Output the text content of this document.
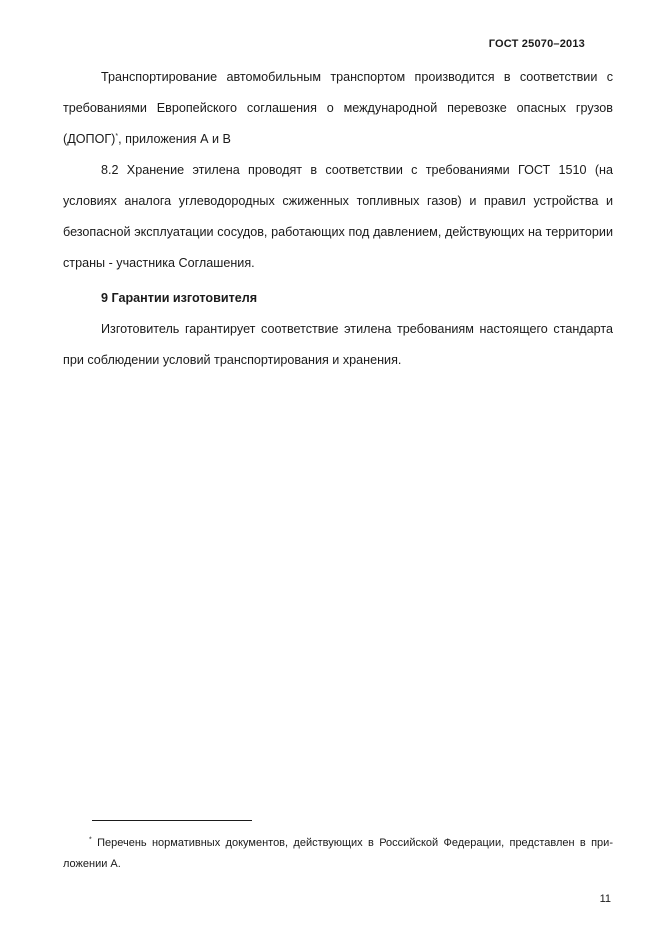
ГОСТ 25070–2013

Транспортирование автомобильным транспортом производится в соответствии с требованиями Европейского соглашения о международной перевозке опасных грузов (ДОПОГ)*, приложения А и В

8.2 Хранение этилена проводят в соответствии с требованиями ГОСТ 1510 (на условиях аналога углеводородных сжиженных топливных газов) и правил устройства и безопасной эксплуатации сосудов, работающих под давлением, действующих на территории страны - участника Соглашения.

9 Гарантии изготовителя

Изготовитель гарантирует соответствие этилена требованиям настоящего стандарта при соблюдении условий транспортирования и хранения.

* Перечень нормативных документов, действующих в Российской Федерации, представлен в приложении А.

11
